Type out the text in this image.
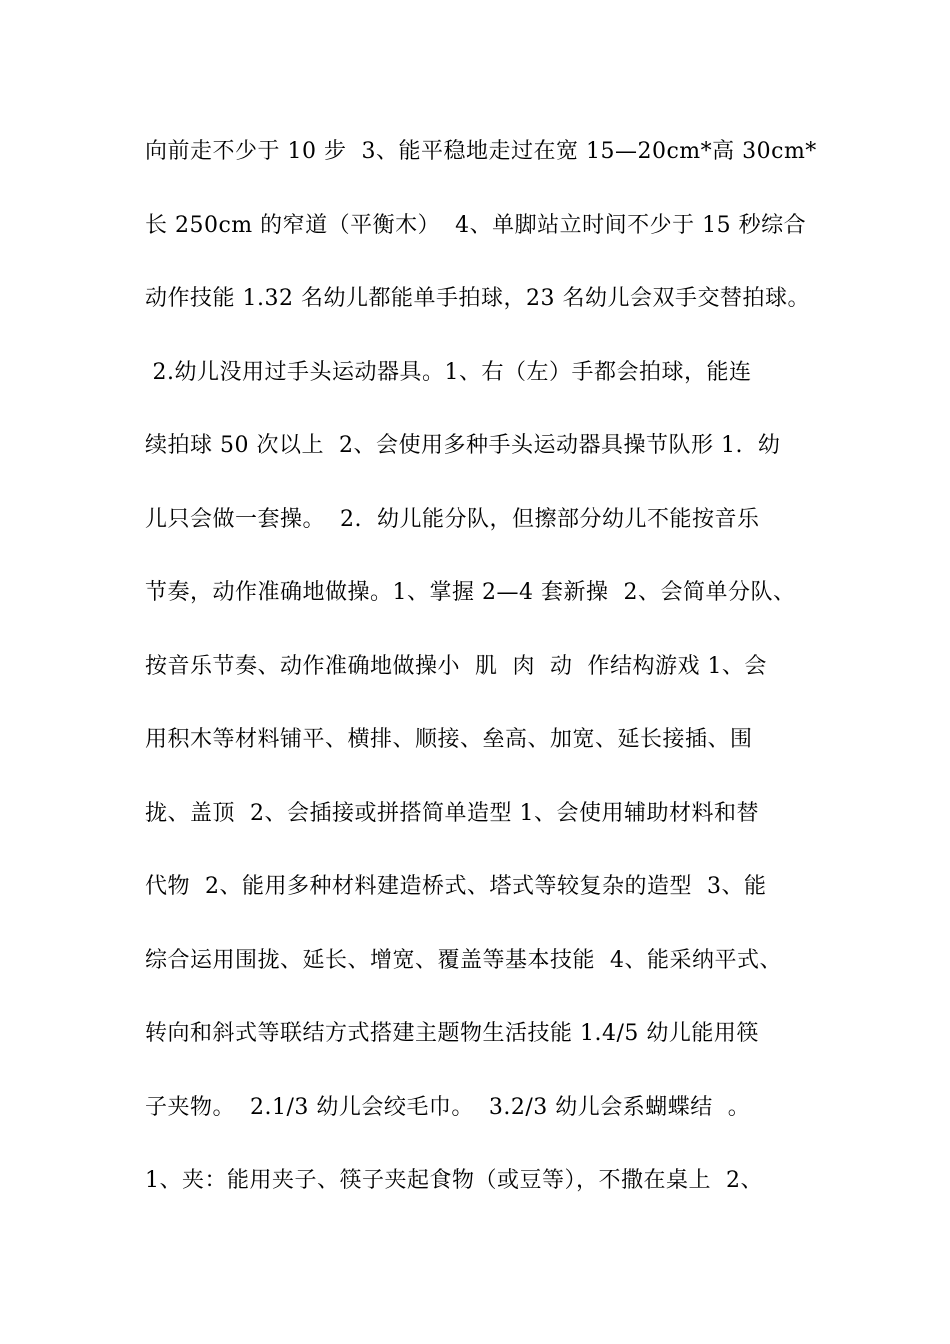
向前走不少于 10 步  3、能平稳地走过在宽 15—20cm*高 30cm*
长 250cm 的窄道（平衡木）  4、单脚站立时间不少于 15 秒综合
动作技能 1.32 名幼儿都能单手拍球，23 名幼儿会双手交替拍球。
2.幼儿没用过手头运动器具。1、右（左）手都会拍球，能连
续拍球 50 次以上  2、会使用多种手头运动器具操节队形 1.  幼
儿只会做一套操。  2.  幼儿能分队，但擦部分幼儿不能按音乐
节奏，动作准确地做操。1、掌握 2—4 套新操  2、会简单分队、
按音乐节奏、动作准确地做操小  肌  肉  动  作结构游戏 1、会
用积木等材料铺平、横排、顺接、垒高、加宽、延长接插、围
拢、盖顶  2、会插接或拼搭简单造型 1、会使用辅助材料和替
代物  2、能用多种材料建造桥式、塔式等较复杂的造型  3、能
综合运用围拢、延长、增宽、覆盖等基本技能  4、能采纳平式、
转向和斜式等联结方式搭建主题物生活技能 1.4/5 幼儿能用筷
子夹物。  2.1/3 幼儿会绞毛巾。  3.2/3 幼儿会系蝴蝶结  。
1、夹：能用夹子、筷子夹起食物（或豆等），不撒在桌上  2、
